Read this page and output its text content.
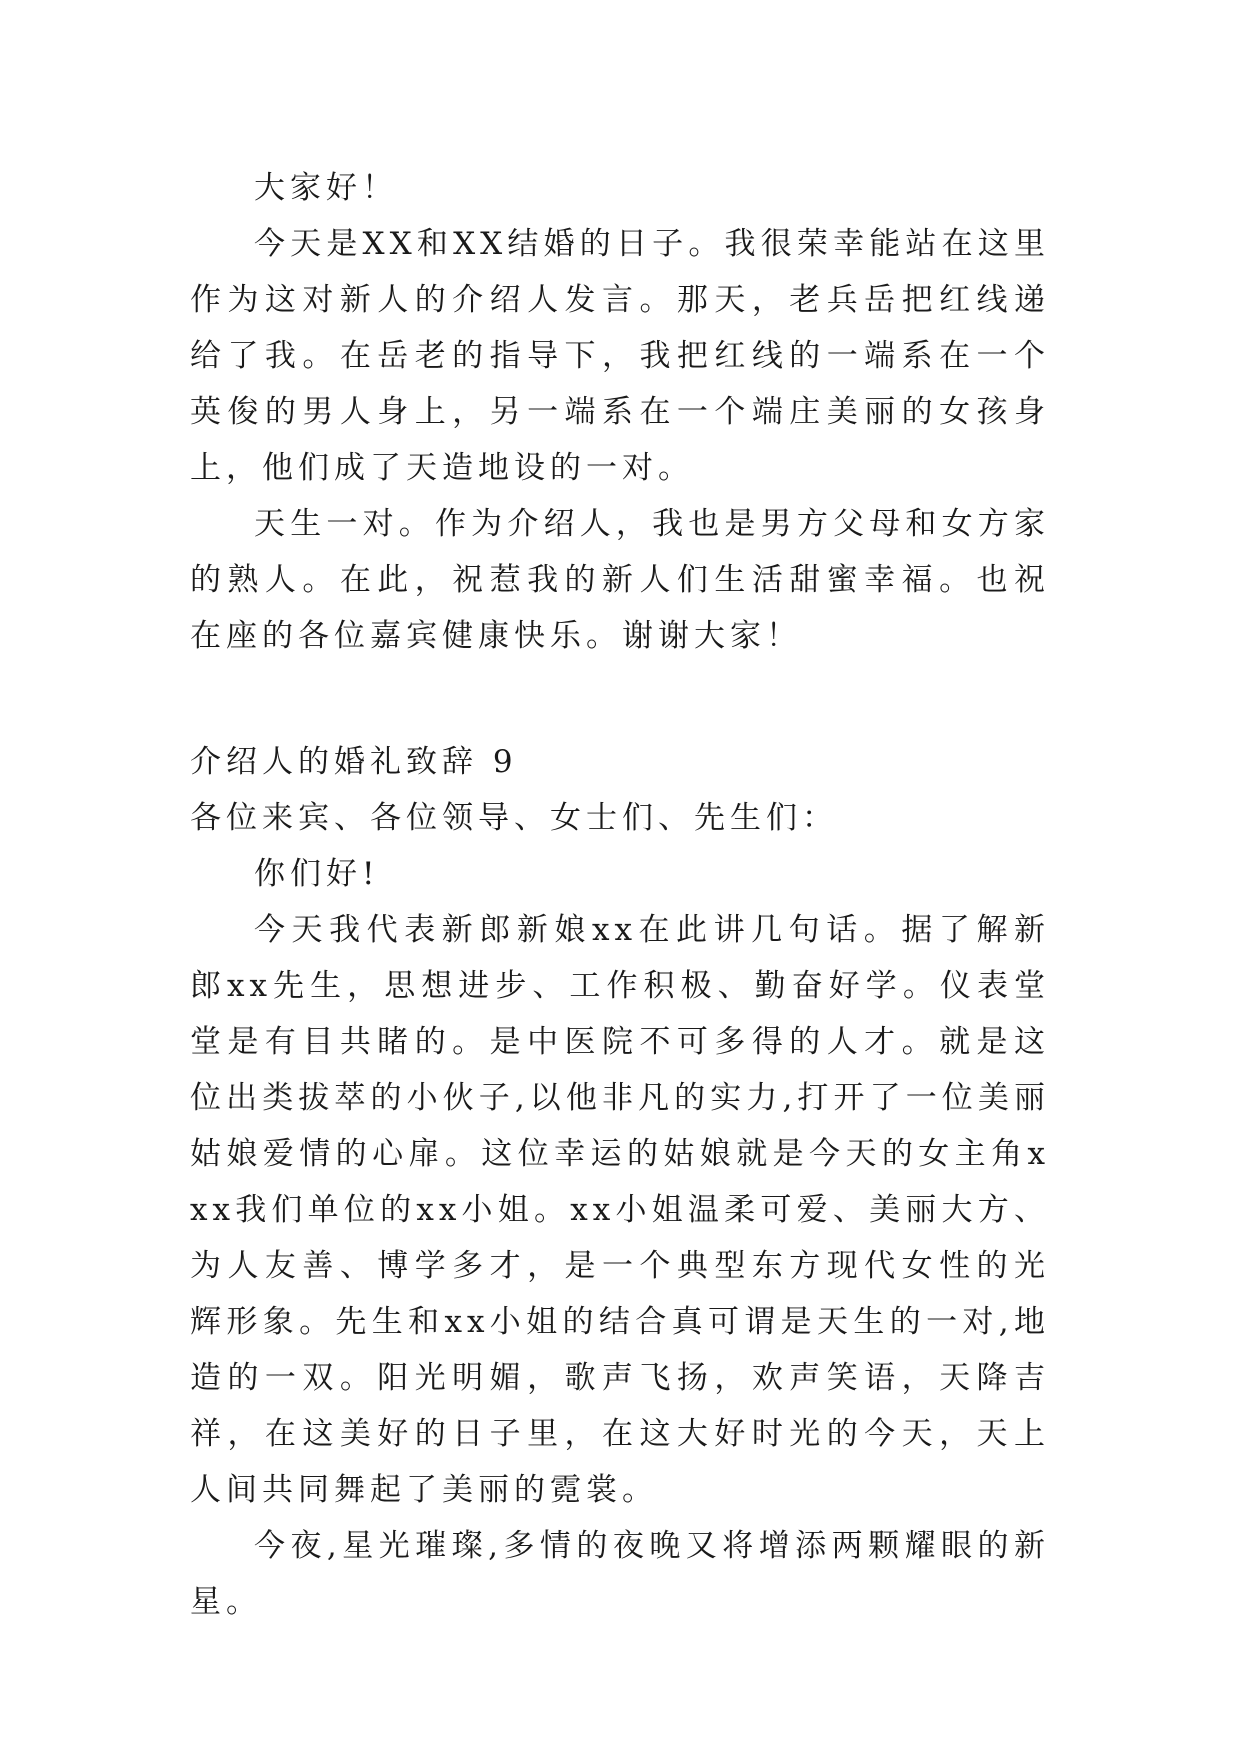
大家好！

今天是XX和XX结婚的日子。我很荣幸能站在这里作为这对新人的介绍人发言。那天，老兵岳把红线递给了我。在岳老的指导下，我把红线的一端系在一个英俊的男人身上，另一端系在一个端庄美丽的女孩身上，他们成了天造地设的一对。

天生一对。作为介绍人，我也是男方父母和女方家的熟人。在此，祝惹我的新人们生活甜蜜幸福。也祝在座的各位嘉宾健康快乐。谢谢大家！

介绍人的婚礼致辞 9

各位来宾、各位领导、女士们、先生们：

你们好!

今天我代表新郎新娘xx在此讲几句话。据了解新郎xx先生，思想进步、工作积极、勤奋好学。仪表堂堂是有目共睹的。是中医院不可多得的人才。就是这位出类拔萃的小伙子,以他非凡的实力,打开了一位美丽姑娘爱情的心扉。这位幸运的姑娘就是今天的女主角xxx我们单位的xx小姐。xx小姐温柔可爱、美丽大方、为人友善、博学多才，是一个典型东方现代女性的光辉形象。先生和xx小姐的结合真可谓是天生的一对,地造的一双。阳光明媚，歌声飞扬，欢声笑语，天降吉祥，在这美好的日子里，在这大好时光的今天，天上人间共同舞起了美丽的霓裳。

今夜,星光璀璨,多情的夜晚又将增添两颗耀眼的新星。
